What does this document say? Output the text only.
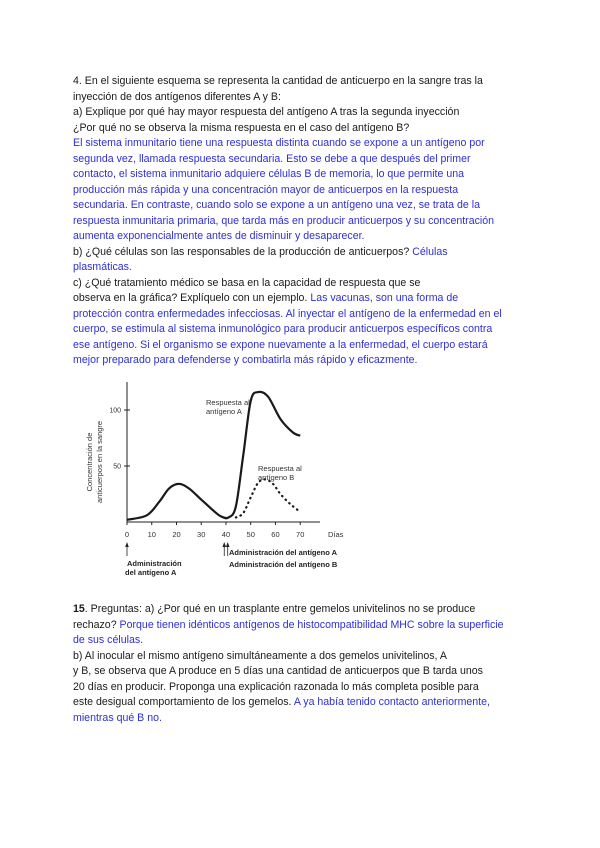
4. En el siguiente esquema se representa la cantidad de anticuerpo en la sangre tras la
inyección de dos antígenos diferentes A y B:
a) Explique por qué hay mayor respuesta del antígeno A tras la segunda inyección
¿Por qué no se observa la misma respuesta en el caso del antígeno B?
El sistema inmunitario tiene una respuesta distinta cuando se expone a un antígeno por
segunda vez, llamada respuesta secundaria. Esto se debe a que después del primer
contacto, el sistema inmunitario adquiere células B de memoria, lo que permite una
producción más rápida y una concentración mayor de anticuerpos en la respuesta
secundaria. En contraste, cuando solo se expone a un antígeno una vez, se trata de la
respuesta inmunitaria primaria, que tarda más en producir anticuerpos y su concentración
aumenta exponencialmente antes de disminuir y desaparecer.
b) ¿Qué células son las responsables de la producción de anticuerpos? Células
plasmáticas.
c) ¿Qué tratamiento médico se basa en la capacidad de respuesta que se
observa en la gráfica? Explíquelo con un ejemplo. Las vacunas, son una forma de
protección contra enfermedades infecciosas. Al inyectar el antígeno de la enfermedad en el
cuerpo, se estimula al sistema inmunológico para producir anticuerpos específicos contra
ese antígeno. Si el organismo se expone nuevamente a la enfermedad, el cuerpo estará
mejor preparado para defenderse y combatirla más rápido y eficazmente.
Concentración de anticuerpos en la sangre
100
50
0 10 20 30 40 50 60 70	Días
Respuesta al
antígeno A
Respuesta al
antígeno B
Administración
del antígeno A
Administración del antígeno A
Administración del antígeno B
15. Preguntas: a) ¿Por qué en un trasplante entre gemelos univitelinos no se produce
rechazo? Porque tienen idénticos antígenos de histocompatibilidad MHC sobre la superficie
de sus células.
b) Al inocular el mismo antígeno simultáneamente a dos gemelos univitelinos, A
y B, se observa que A produce en 5 días una cantidad de anticuerpos que B tarda unos
20 días en producir. Proponga una explicación razonada lo más completa posible para
este desigual comportamiento de los gemelos. A ya había tenido contacto anteriormente,
mientras qué B no.
